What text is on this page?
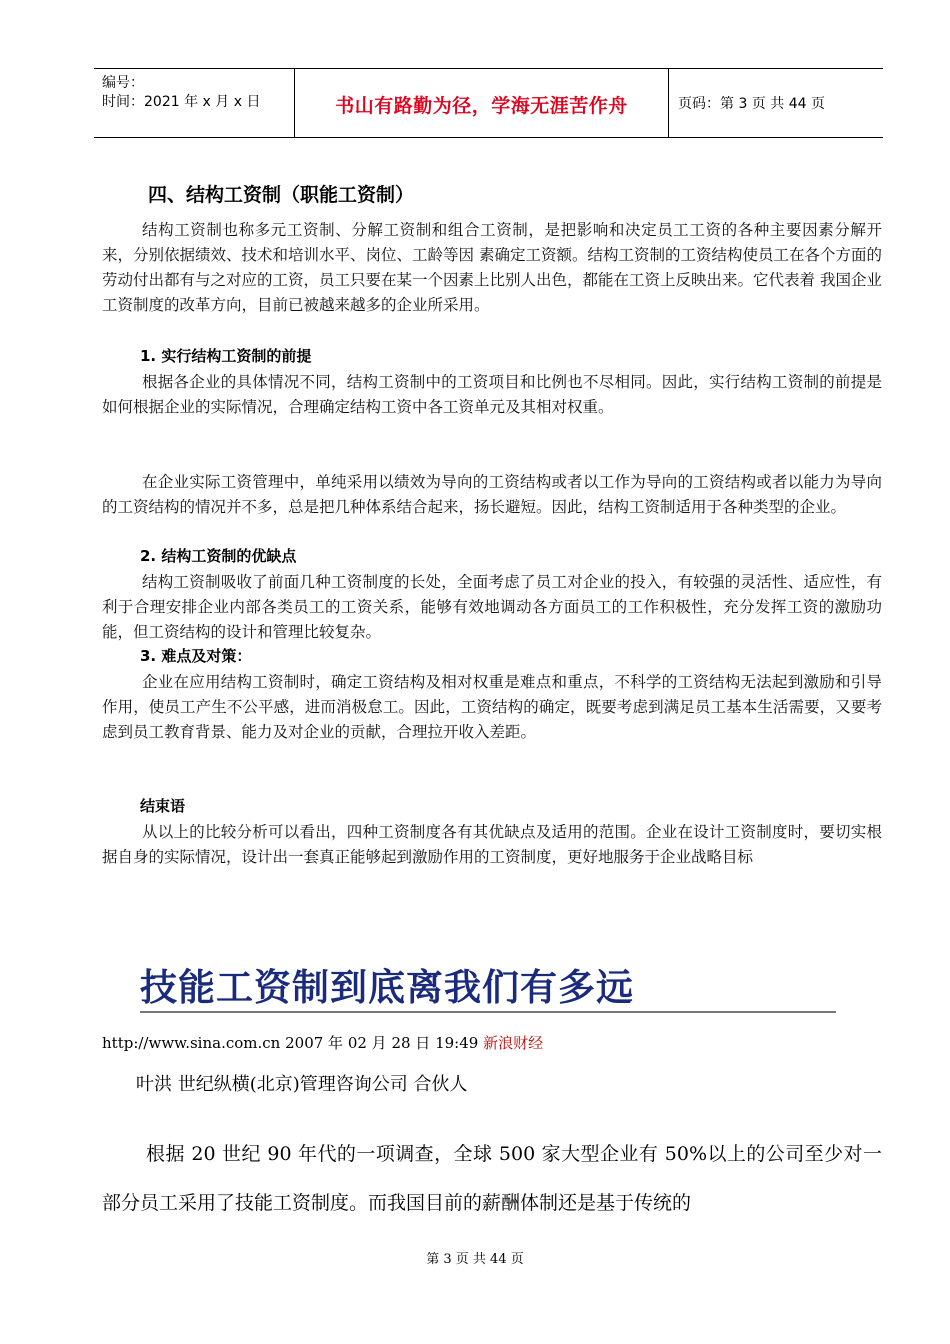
编号：
时间：2021 年 x 月 x 日	书山有路勤为径，学海无涯苦作舟	页码：第 3 页 共 44 页
四、结构工资制（职能工资制）
结构工资制也称多元工资制、分解工资制和组合工资制，是把影响和决定员工工资的各种主要因素分解开来，分别依据绩效、技术和培训水平、岗位、工龄等因 素确定工资额。结构工资制的工资结构使员工在各个方面的劳动付出都有与之对应的工资，员工只要在某一个因素上比别人出色，都能在工资上反映出来。它代表着 我国企业工资制度的改革方向，目前已被越来越多的企业所采用。
1. 实行结构工资制的前提
根据各企业的具体情况不同，结构工资制中的工资项目和比例也不尽相同。因此，实行结构工资制的前提是如何根据企业的实际情况，合理确定结构工资中各工资单元及其相对权重。
在企业实际工资管理中，单纯采用以绩效为导向的工资结构或者以工作为导向的工资结构或者以能力为导向的工资结构的情况并不多，总是把几种体系结合起来，扬长避短。因此，结构工资制适用于各种类型的企业。
2. 结构工资制的优缺点
结构工资制吸收了前面几种工资制度的长处，全面考虑了员工对企业的投入，有较强的灵活性、适应性，有利于合理安排企业内部各类员工的工资关系，能够有效地调动各方面员工的工作积极性，充分发挥工资的激励功能，但工资结构的设计和管理比较复杂。
3. 难点及对策：
企业在应用结构工资制时，确定工资结构及相对权重是难点和重点，不科学的工资结构无法起到激励和引导作用，使员工产生不公平感，进而消极怠工。因此，工资结构的确定，既要考虑到满足员工基本生活需要，又要考虑到员工教育背景、能力及对企业的贡献，合理拉开收入差距。
结束语
从以上的比较分析可以看出，四种工资制度各有其优缺点及适用的范围。企业在设计工资制度时，要切实根据自身的实际情况，设计出一套真正能够起到激励作用的工资制度，更好地服务于企业战略目标
技能工资制到底离我们有多远
http://www.sina.com.cn 2007 年 02 月 28 日 19:49 新浪财经
叶洪 世纪纵横(北京)管理咨询公司 合伙人
根据 20 世纪 90 年代的一项调查，全球 500 家大型企业有 50%以上的公司至少对一部分员工采用了技能工资制度。而我国目前的薪酬体制还是基于传统的
第 3 页 共 44 页
